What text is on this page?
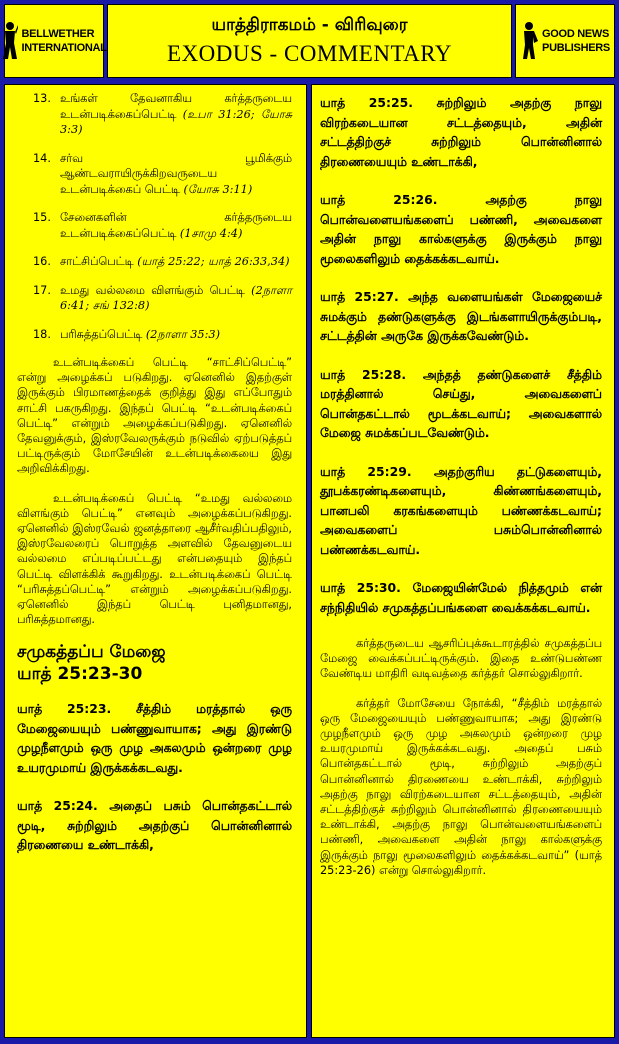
BELLWETHER
INTERNATIONAL
யாத்திராகமம் - விரிவுரை
EXODUS - COMMENTARY
GOOD NEWS
PUBLISHERS
13. உங்கள் தேவனாகிய கர்த்தருடைய உடன்படிக்கைப்பெட்டி (உபா 31:26; யோசு 3:3)
14. சர்வ பூமிக்கும் ஆண்டவராயிருக்கிறவருடைய உடன்படிக்கைப் பெட்டி (யோசு 3:11)
15. சேனைகளின் கர்த்தருடைய உடன்படிக்கைப்பெட்டி (1சாமு 4:4)
16. சாட்சிப்பெட்டி (யாத் 25:22; யாத் 26:33,34)
17. உமது வல்லமை விளங்கும் பெட்டி (2நாளா 6:41; சங் 132:8)
18. பரிசுத்தப்பெட்டி (2நாளா 35:3)

உடன்படிக்கைப் பெட்டி “சாட்சிப்பெட்டி” என்று அழைக்கப் படுகிறது. ஏனெனில் இதற்குள் இருக்கும் பிரமாணத்தைக் குறித்து இது எப்போதும் சாட்சி பகருகிறது. இந்தப் பெட்டி “உடன்படிக்கைப் பெட்டி” என்றும் அழைக்கப்படுகிறது. ஏனெனில் தேவனுக்கும், இஸ்ரவேலருக்கும் நடுவில் ஏற்படுத்தப் பட்டிருக்கும் மோசேயின் உடன்படிக்கையை இது அறிவிக்கிறது.

உடன்படிக்கைப் பெட்டி “உமது வல்லமை விளங்கும் பெட்டி” எனவும் அழைக்கப்படுகிறது. ஏனெனில் இஸ்ரவேல் ஜனத்தாரை ஆசீர்வதிப்பதிலும், இஸ்ரவேலரைப் பொறுத்த அளவில் தேவனுடைய வல்லமை எப்படிப்பட்டது என்பதையும் இந்தப் பெட்டி விளக்கிக் கூறுகிறது. உடன்படிக்கைப் பெட்டி “பரிசுத்தப்பெட்டி” என்றும் அழைக்கப்படுகிறது. ஏனெனில் இந்தப் பெட்டி புனிதமானது, பரிசுத்தமானது.

சமுகத்தப்ப மேஜை
யாத் 25:23-30

யாத் 25:23. சீத்திம் மரத்தால் ஒரு மேஜையையும் பண்ணுவாயாக; அது இரண்டு முழநீளமும் ஒரு முழ அகலமும் ஒன்றரை முழ உயரமுமாய் இருக்கக்கடவது.

யாத் 25:24. அதைப் பசும் பொன்தகட்டால் மூடி, சுற்றிலும் அதற்குப் பொன்னினால் திரணையை உண்டாக்கி,

யாத் 25:25. சுற்றிலும் அதற்கு நாலு விரற்கடையான சட்டத்தையும், அதின் சட்டத்திற்குச் சுற்றிலும் பொன்னினால் திரணையையும் உண்டாக்கி,

யாத் 25:26. அதற்கு நாலு பொன்வளையங்களைப் பண்ணி, அவைகளை அதின் நாலு கால்களுக்கு இருக்கும் நாலு மூலைகளிலும் தைக்கக்கடவாய்.

யாத் 25:27. அந்த வளையங்கள் மேஜையைச் சுமக்கும் தண்டுகளுக்கு இடங்களாயிருக்கும்படி, சட்டத்தின் அருகே இருக்கவேண்டும்.

யாத் 25:28. அந்தத் தண்டுகளைச் சீத்திம் மரத்தினால் செய்து, அவைகளைப் பொன்தகட்டால் மூடக்கடவாய்; அவைகளால் மேஜை சுமக்கப்படவேண்டும்.

யாத் 25:29. அதற்குரிய தட்டுகளையும், தூபக்கரண்டிகளையும், கிண்ணங்களையும், பானபலி கரகங்களையும் பண்ணக்கடவாய்; அவைகளைப் பசும்பொன்னினால் பண்ணக்கடவாய்.

யாத் 25:30. மேஜையின்மேல் நித்தமும் என் சந்நிதியில் சமுகத்தப்பங்களை வைக்கக்கடவாய்.

கர்த்தருடைய ஆசரிப்புக்கூடாரத்தில் சமுகத்தப்ப மேஜை வைக்கப்பட்டிருக்கும். இதை உண்டுபண்ண வேண்டிய மாதிரி வடிவத்தை கர்த்தர் சொல்லுகிறார்.

கர்த்தர் மோசேயை நோக்கி, “சீத்திம் மரத்தால் ஒரு மேஜையையும் பண்ணுவாயாக; அது இரண்டு முழநீளமும் ஒரு முழ அகலமும் ஒன்றரை முழ உயரமுமாய் இருக்கக்கடவது. அதைப் பசும் பொன்தகட்டால் மூடி, சுற்றிலும் அதற்குப் பொன்னினால் திரணையை உண்டாக்கி, சுற்றிலும் அதற்கு நாலு விரற்கடையான சட்டத்தையும், அதின் சட்டத்திற்குச் சுற்றிலும் பொன்னினால் திரணையையும் உண்டாக்கி, அதற்கு நாலு பொன்வளையங்களைப் பண்ணி, அவைகளை அதின் நாலு கால்களுக்கு இருக்கும் நாலு மூலைகளிலும் தைக்கக்கடவாய்” (யாத் 25:23-26) என்று சொல்லுகிறார்.
